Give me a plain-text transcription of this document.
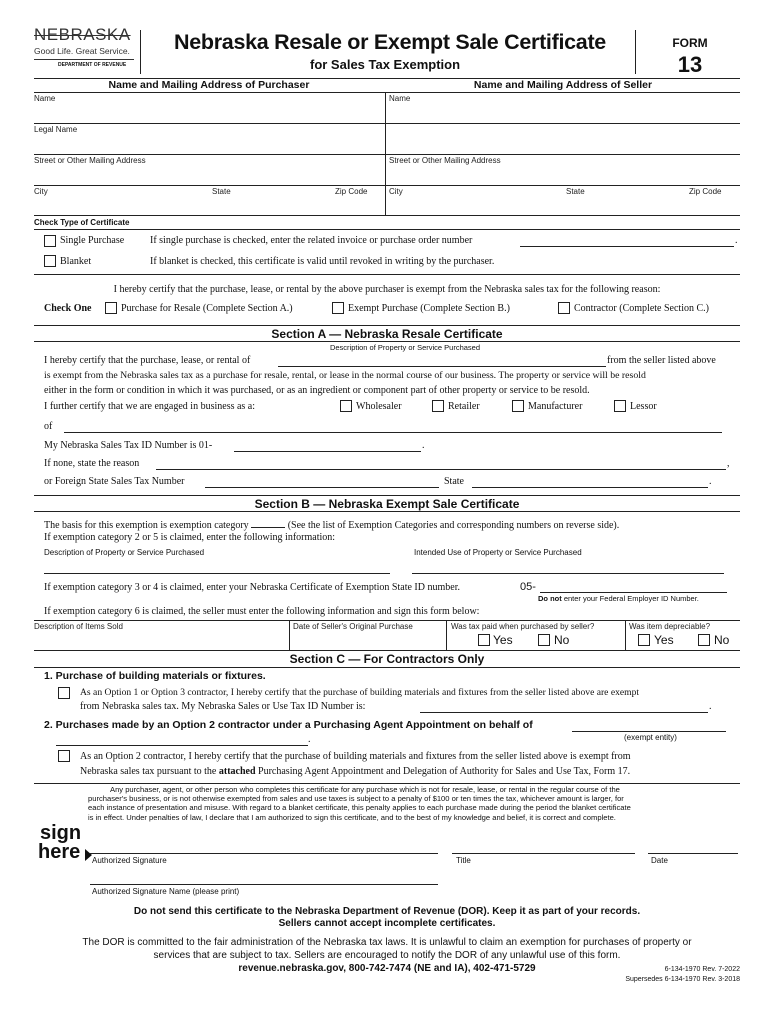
NEBRASKA
Good Life. Great Service.
DEPARTMENT OF REVENUE
Nebraska Resale or Exempt Sale Certificate
for Sales Tax Exemption
FORM
13
Name and Mailing Address of Purchaser	Name and Mailing Address of Seller
Name	Name
Legal Name
Street or Other Mailing Address	Street or Other Mailing Address
City	State	Zip Code	City	State	Zip Code
Check Type of Certificate
Single Purchase	If single purchase is checked, enter the related invoice or purchase order number	.
Blanket	If blanket is checked, this certificate is valid until revoked in writing by the purchaser.
I hereby certify that the purchase, lease, or rental by the above purchaser is exempt from the Nebraska sales tax for the following reason:
Check One	Purchase for Resale (Complete Section A.)	Exempt Purchase (Complete Section B.)	Contractor (Complete Section C.)
Section A — Nebraska Resale Certificate
Description of Property or Service Purchased
I hereby certify that the purchase, lease, or rental of	from the seller listed above
is exempt from the Nebraska sales tax as a purchase for resale, rental, or lease in the normal course of our business. The property or service will be resold
either in the form or condition in which it was purchased, or as an ingredient or component part of other property or service to be resold.
I further certify that we are engaged in business as a:	Wholesaler	Retailer	Manufacturer	Lessor
of
My Nebraska Sales Tax ID Number is 01-	.
If none, state the reason	,
or Foreign State Sales Tax Number	State	.
Section B — Nebraska Exempt Sale Certificate
The basis for this exemption is exemption category	(See the list of Exemption Categories and corresponding numbers on reverse side).
If exemption category 2 or 5 is claimed, enter the following information:
Description of Property or Service Purchased	Intended Use of Property or Service Purchased
If exemption category 3 or 4 is claimed, enter your Nebraska Certificate of Exemption State ID number.	05-
Do not enter your Federal Employer ID Number.
If exemption category 6 is claimed, the seller must enter the following information and sign this form below:
Description of Items Sold	Date of Seller's Original Purchase	Was tax paid when purchased by seller?	Was item depreciable?
Yes	No	Yes	No
Section C — For Contractors Only
1. Purchase of building materials or fixtures.
As an Option 1 or Option 3 contractor, I hereby certify that the purchase of building materials and fixtures from the seller listed above are exempt
from Nebraska sales tax. My Nebraska Sales or Use Tax ID Number is:	.
2. Purchases made by an Option 2 contractor under a Purchasing Agent Appointment on behalf of
(exempt entity)
.
As an Option 2 contractor, I hereby certify that the purchase of building materials and fixtures from the seller listed above is exempt from
Nebraska sales tax pursuant to the attached Purchasing Agent Appointment and Delegation of Authority for Sales and Use Tax, Form 17.
Any purchaser, agent, or other person who completes this certificate for any purchase which is not for resale, lease, or rental in the regular course of the
purchaser's business, or is not otherwise exempted from sales and use taxes is subject to a penalty of $100 or ten times the tax, whichever amount is larger, for
each instance of presentation and misuse. With regard to a blanket certificate, this penalty applies to each purchase made during the period the blanket certificate
is in effect. Under penalties of law, I declare that I am authorized to sign this certificate, and to the best of my knowledge and belief, it is correct and complete.
sign
here Authorized Signature	Title	Date
Authorized Signature Name (please print)
Do not send this certificate to the Nebraska Department of Revenue (DOR). Keep it as part of your records.
Sellers cannot accept incomplete certificates.
The DOR is committed to the fair administration of the Nebraska tax laws. It is unlawful to claim an exemption for purchases of property or
services that are subject to tax. Sellers are encouraged to notify the DOR of any unlawful use of this form.
revenue.nebraska.gov, 800-742-7474 (NE and IA), 402-471-5729	6-134-1970 Rev. 7-2022
Supersedes 6-134-1970 Rev. 3-2018
